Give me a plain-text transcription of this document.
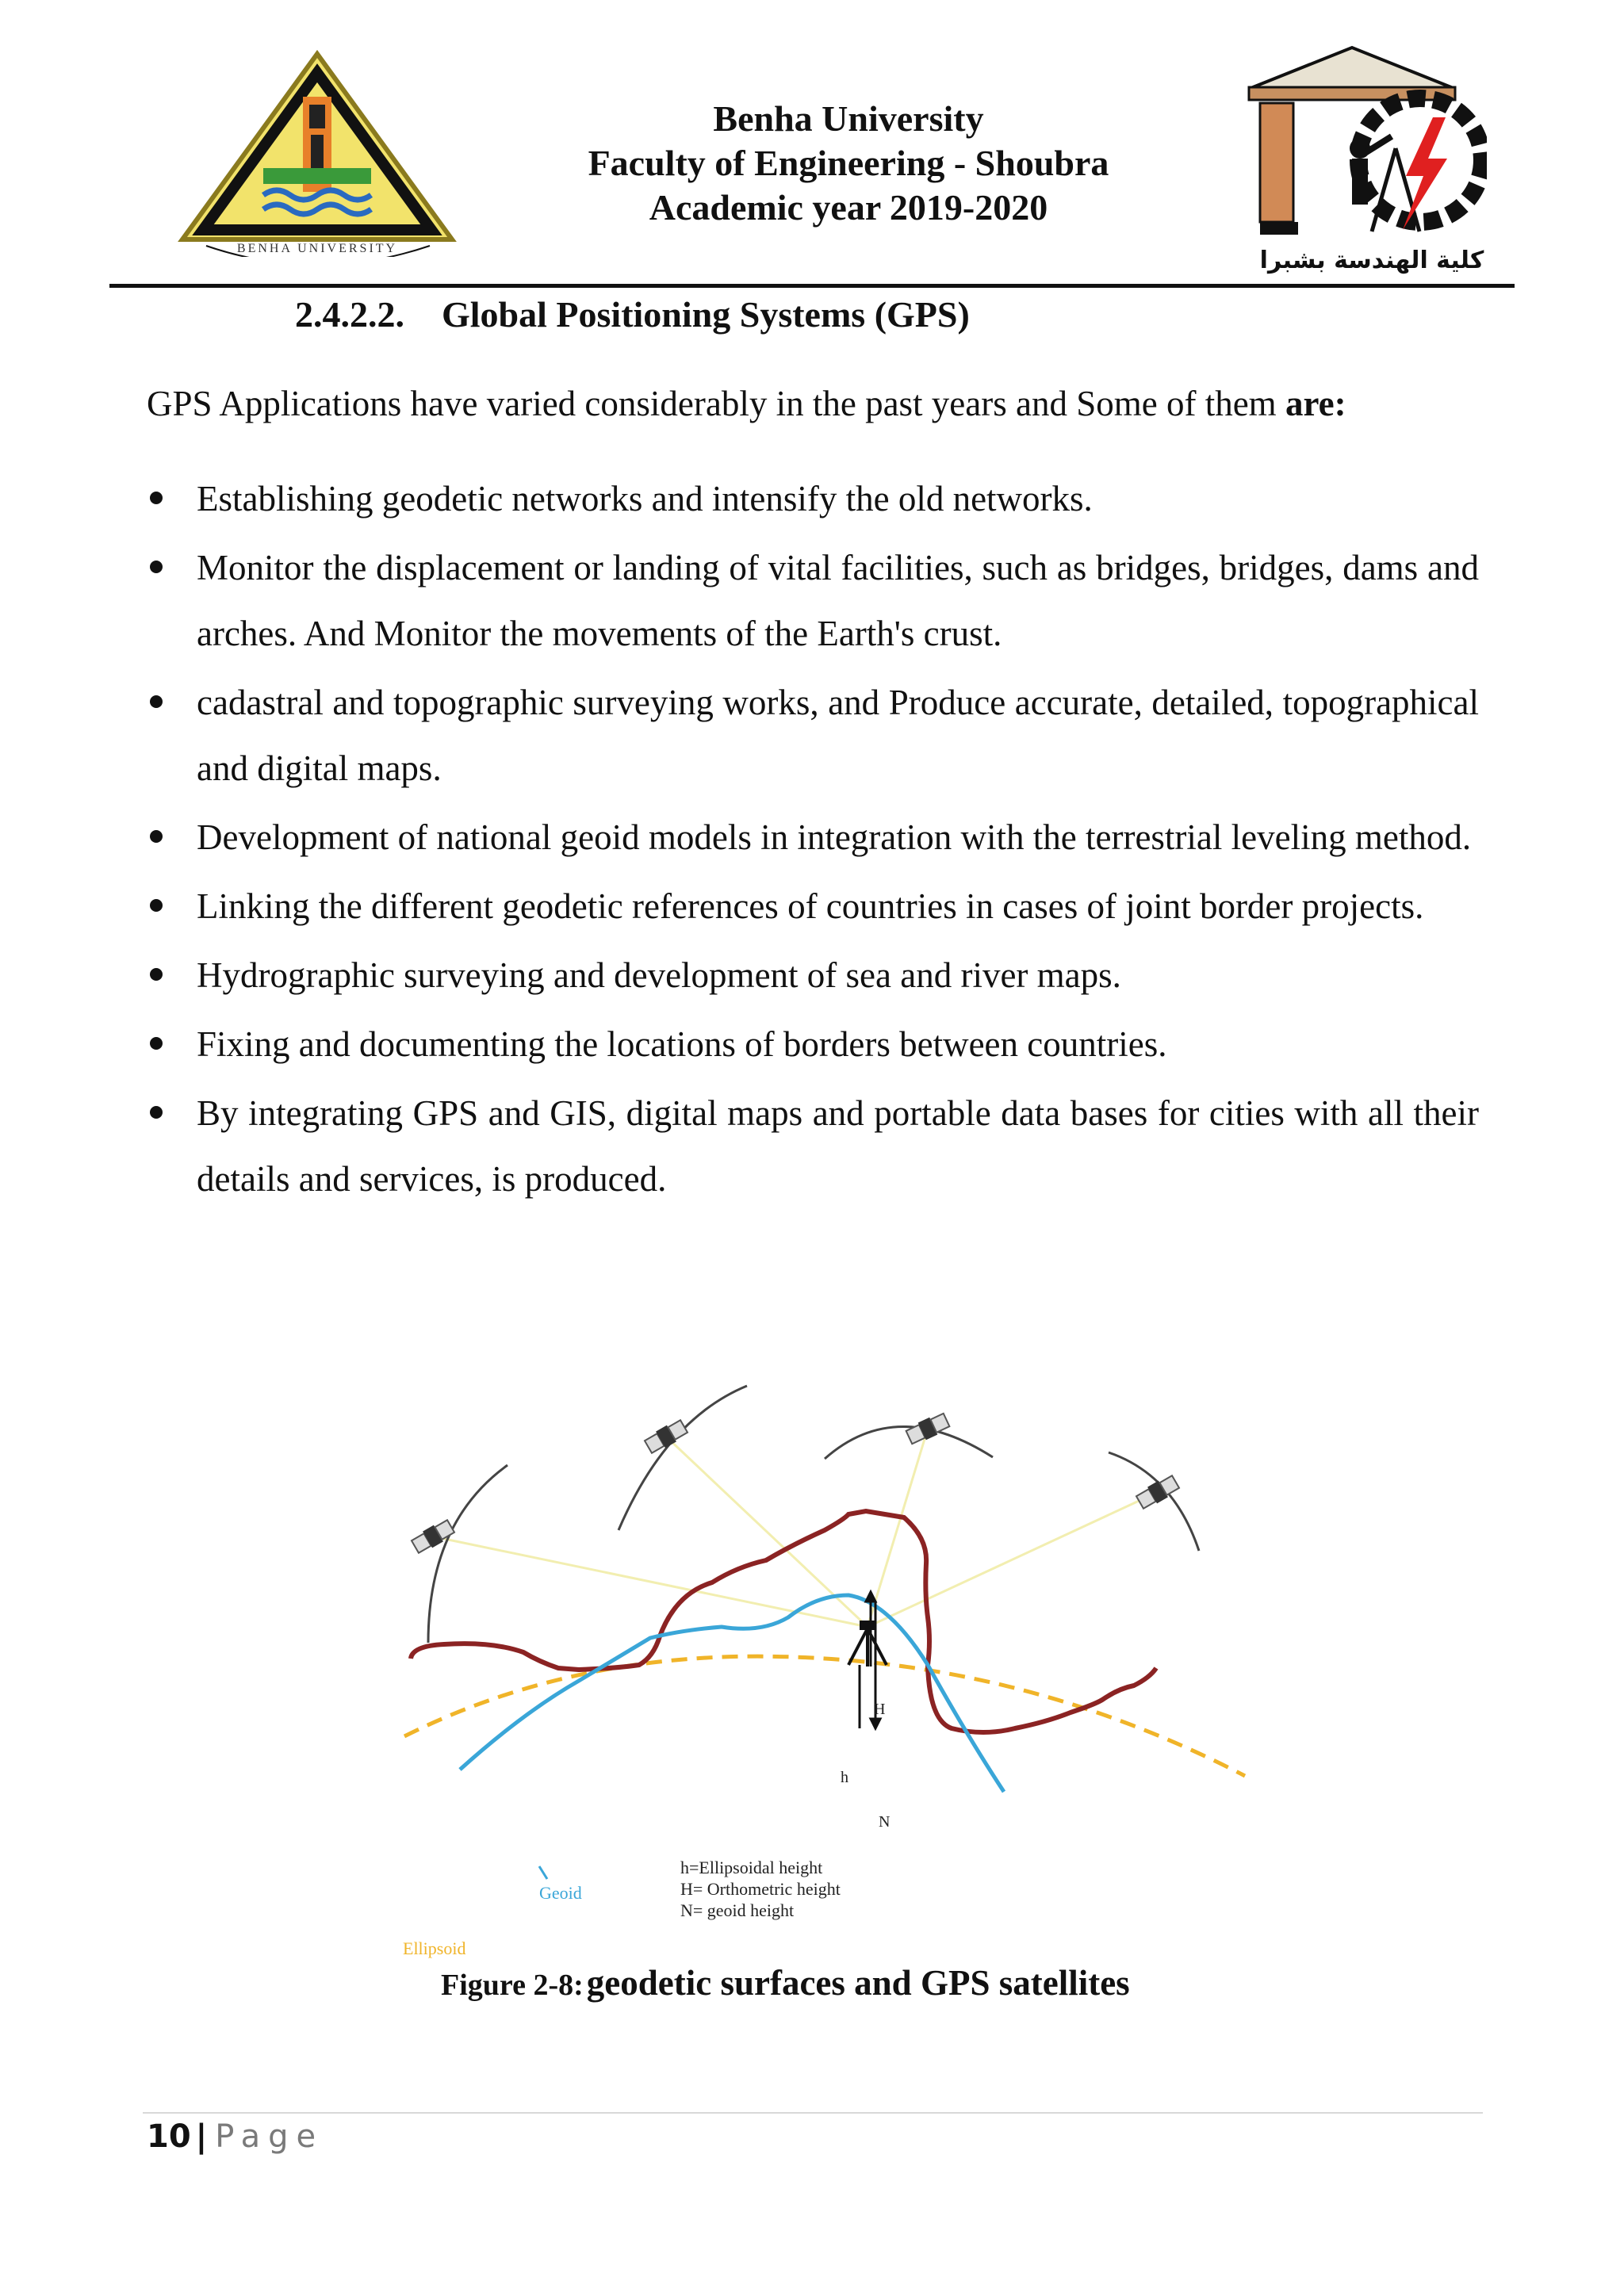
BENHA UNIVERSITY
Benha University
Faculty of Engineering - Shoubra
Academic year 2019-2020
كلية الهندسة بشبرا
2.4.2.2. Global Positioning Systems (GPS)
GPS Applications have varied considerably in the past years and Some of them are:
Establishing geodetic networks and intensify the old networks.
Monitor the displacement or landing of vital facilities, such as bridges, bridges, dams and arches. And Monitor the movements of the Earth's crust.
cadastral and topographic surveying works, and Produce accurate, detailed, topographical and digital maps.
Development of national geoid models in integration with the terrestrial leveling method.
Linking the different geodetic references of countries in cases of joint border projects.
Hydrographic surveying and development of sea and river maps.
Fixing and documenting the locations of borders between countries.
By integrating GPS and GIS, digital maps and portable data bases for cities with all their details and services, is produced.
H
h
N
Geoid
Ellipsoid
h=Ellipsoidal height
H= Orthometric height
N= geoid height
Figure 2-8: geodetic surfaces and GPS satellites
10 | Page
